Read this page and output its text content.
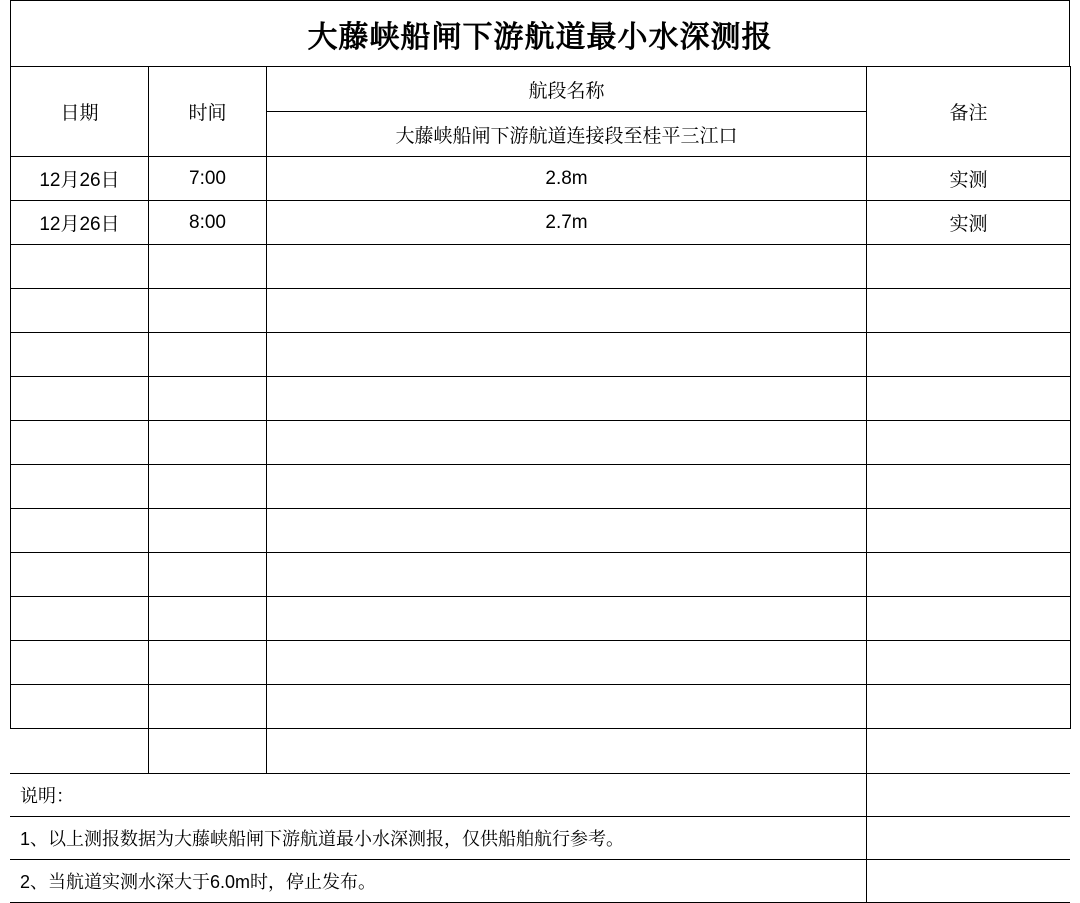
大藤峡船闸下游航道最小水深测报
日期	时间	航段名称	备注
		大藤峡船闸下游航道连接段至桂平三江口	
12月26日	7:00	2.8m	实测
12月26日	8:00	2.7m	实测

说明：			
1、以上测报数据为大藤峡船闸下游航道最小水深测报，仅供船舶航行参考。			
2、当航道实测水深大于6.0m时，停止发布。			
